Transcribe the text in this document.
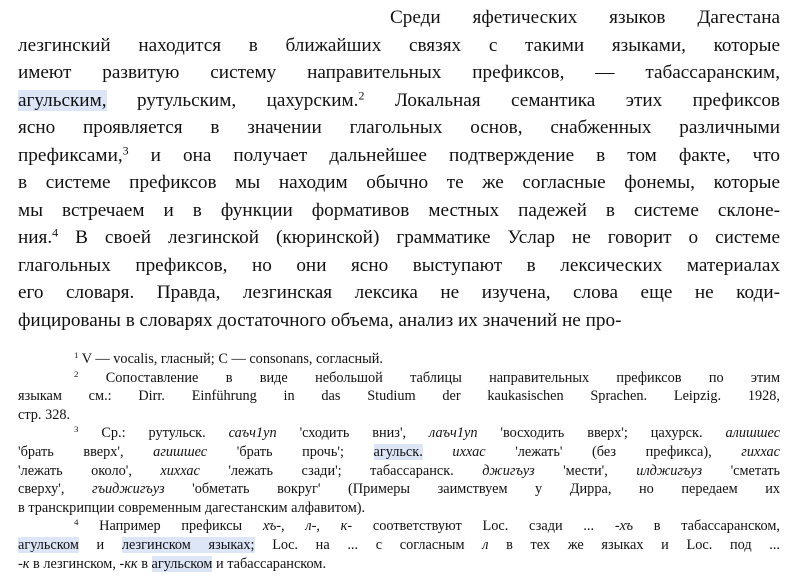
Среди яфетических языков Дагестана
лезгинский находится в ближайших связях с такими языками, которые
имеют развитую систему направительных префиксов, — табассаранским,
агульским, рутульским, цахурским.$^2$ Локальная семантика этих префиксов
ясно проявляется в значении глагольных основ, снабженных различными
префиксами,$^3$ и она получает дальнейшее подтверждение в том факте, что
в системе префиксов мы находим обычно те же согласные фонемы, которые
мы встречаем и в функции формативов местных падежей в системе склоне-
ния.$^4$ В своей лезгинской (кюринской) грамматике Услар не говорит о системе
глагольных префиксов, но они ясно выступают в лексических материалах
его словаря. Правда, лезгинская лексика не изучена, слова еще не коди-
фицированы в словарях достаточного объема, анализ их значений не про-
$^1$ V — vocalis, гласный; C — consonans, согласный.
$^2$ Сопоставление в виде небольшой таблицы направительных префиксов по этим
языкам см.: Dirr. Einführung in das Studium der kaukasischen Sprachen. Leipzig. 1928,
стр. 328.
$^3$ Ср.: рутульск. саъч1уп 'сходить вниз', лаъч1уп 'восходить вверх'; цахурск. алишшес
'брать вверх', агишшес 'брать прочь'; агульск. иххас 'лежать' (без префикса), гиххас
'лежать около', хиххас 'лежать сзади'; табассаранск. джигъуз 'мести', илджигъуз 'сметать
сверху', гъиджигъуз 'обметать вокруг' (Примеры заимствуем у Дирра, но передаем их
в транскрипции современным дагестанским алфавитом).
$^4$ Например префиксы хъ-, л-, к- соответствуют Loc. сзади ... -хъ в табассаранском,
агульском и лезгинском языках; Loc. на ... с согласным л в тех же языках и Loc. под ...
-к в лезгинском, -кк в агульском и табассаранском.
